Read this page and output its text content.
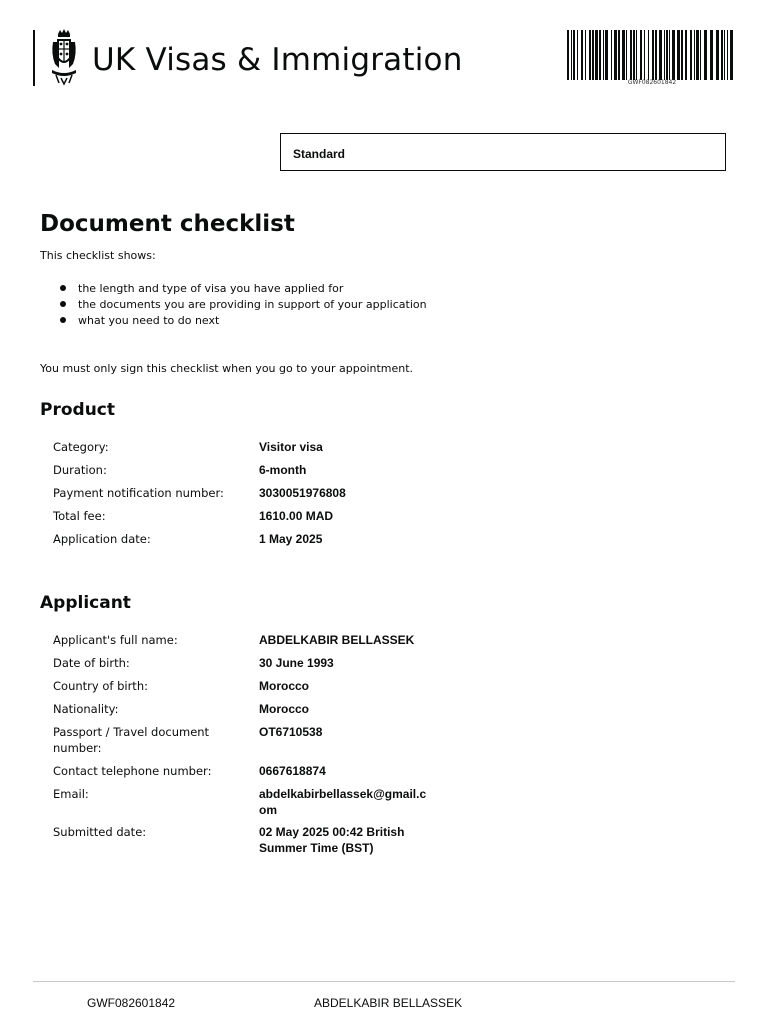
UK Visas & Immigration
GWF082601842
Standard
Document checklist
This checklist shows:
the length and type of visa you have applied for
the documents you are providing in support of your application
what you need to do next
You must only sign this checklist when you go to your appointment.
Product
Category:	Visitor visa
Duration:	6-month
Payment notification number:	3030051976808
Total fee:	1610.00 MAD
Application date:	1 May 2025
Applicant
Applicant's full name:	ABDELKABIR BELLASSEK
Date of birth:	30 June 1993
Country of birth:	Morocco
Nationality:	Morocco
Passport / Travel document number:
OT6710538
Contact telephone number:	0667618874
Email:	abdelkabirbellassek@gmail.com
Submitted date:	02 May 2025 00:42 British Summer Time (BST)
GWF082601842	ABDELKABIR BELLASSEK
